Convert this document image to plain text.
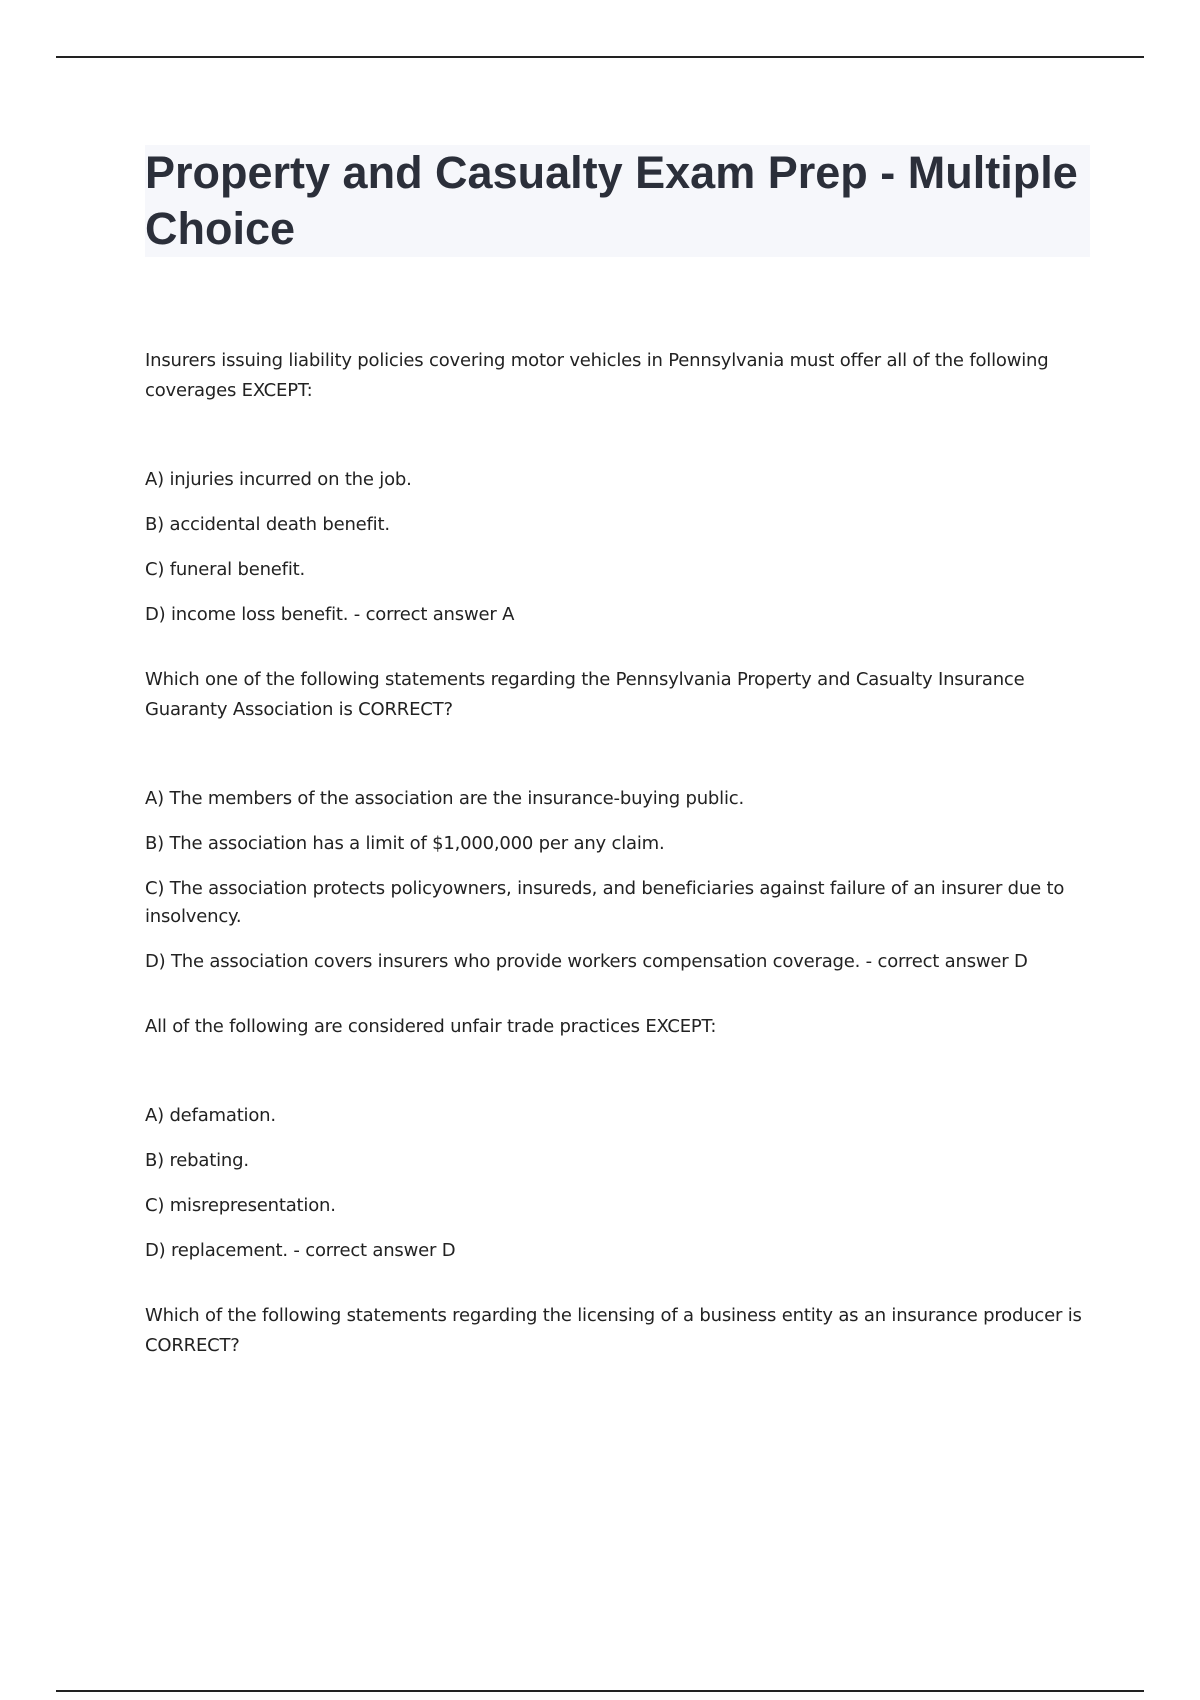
Property and Casualty Exam Prep - Multiple Choice

Insurers issuing liability policies covering motor vehicles in Pennsylvania must offer all of the following coverages EXCEPT:

A) injuries incurred on the job.

B) accidental death benefit.

C) funeral benefit.

D) income loss benefit. - correct answer A

Which one of the following statements regarding the Pennsylvania Property and Casualty Insurance Guaranty Association is CORRECT?

A) The members of the association are the insurance-buying public.

B) The association has a limit of $1,000,000 per any claim.

C) The association protects policyowners, insureds, and beneficiaries against failure of an insurer due to insolvency.

D) The association covers insurers who provide workers compensation coverage. - correct answer D

All of the following are considered unfair trade practices EXCEPT:

A) defamation.

B) rebating.

C) misrepresentation.

D) replacement. - correct answer D

Which of the following statements regarding the licensing of a business entity as an insurance producer is CORRECT?
